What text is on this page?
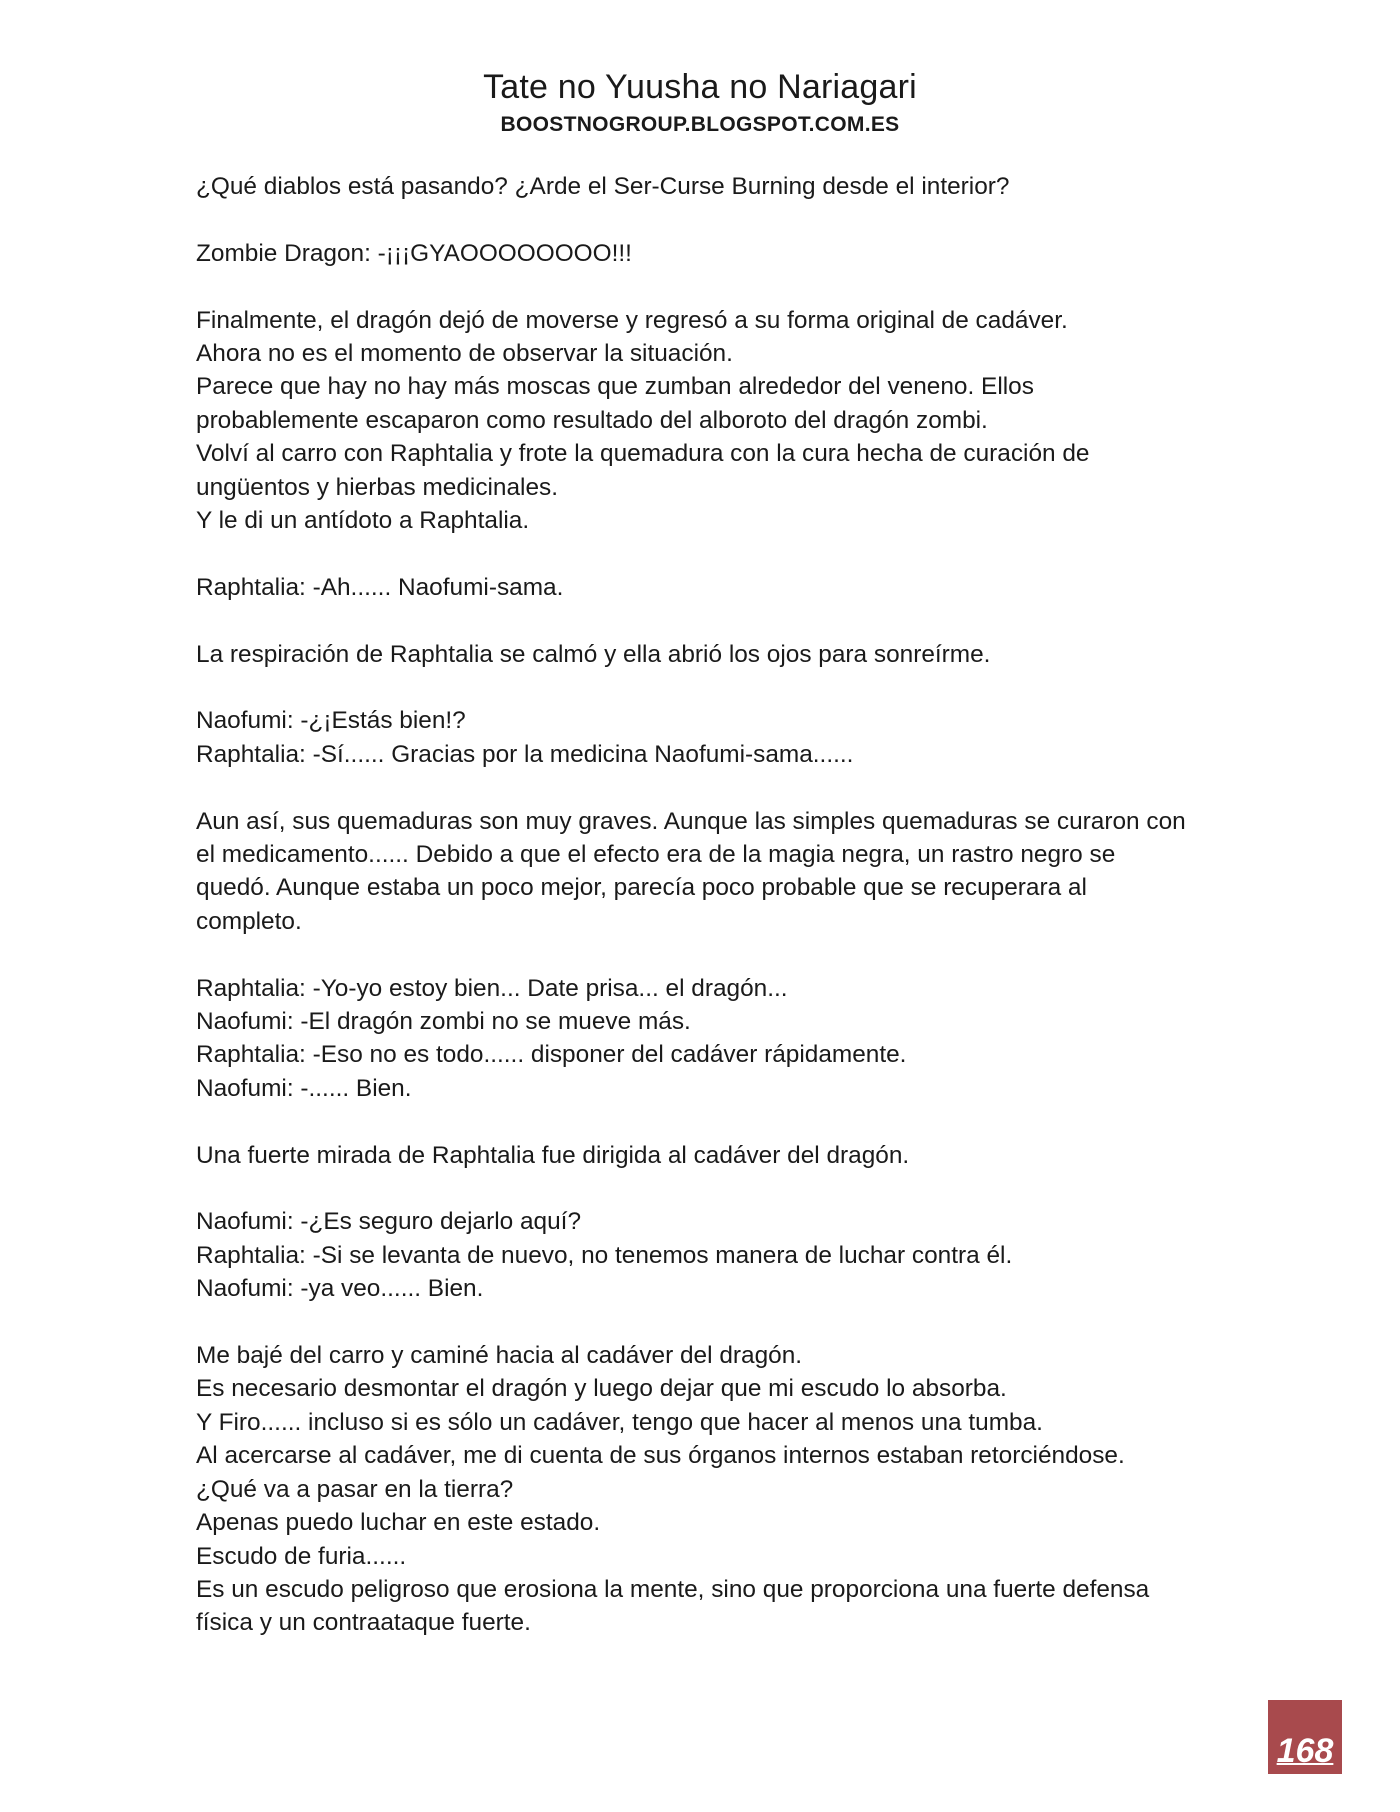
Tate no Yuusha no Nariagari
BOOSTNOGROUP.BLOGSPOT.COM.ES
¿Qué diablos está pasando? ¿Arde el Ser-Curse Burning desde el interior?
Zombie Dragon: -¡¡¡GYAOOOOOOOO!!!
Finalmente, el dragón dejó de moverse y regresó a su forma original de cadáver.
Ahora no es el momento de observar la situación.
Parece que hay no hay más moscas que zumban alrededor del veneno. Ellos
probablemente escaparon como resultado del alboroto del dragón zombi.
Volví al carro con Raphtalia y frote la quemadura con la cura hecha de curación de
ungüentos y hierbas medicinales.
Y le di un antídoto a Raphtalia.
Raphtalia: -Ah...... Naofumi-sama.
La respiración de Raphtalia se calmó y ella abrió los ojos para sonreírme.
Naofumi: -¿¡Estás bien!?
Raphtalia: -Sí...... Gracias por la medicina Naofumi-sama......
Aun así, sus quemaduras son muy graves. Aunque las simples quemaduras se curaron con
el medicamento...... Debido a que el efecto era de la magia negra, un rastro negro se
quedó. Aunque estaba un poco mejor, parecía poco probable que se recuperara al
completo.
Raphtalia: -Yo-yo estoy bien... Date prisa... el dragón...
Naofumi: -El dragón zombi no se mueve más.
Raphtalia: -Eso no es todo...... disponer del cadáver rápidamente.
Naofumi: -...... Bien.
Una fuerte mirada de Raphtalia fue dirigida al cadáver del dragón.
Naofumi: -¿Es seguro dejarlo aquí?
Raphtalia: -Si se levanta de nuevo, no tenemos manera de luchar contra él.
Naofumi: -ya veo...... Bien.
Me bajé del carro y caminé hacia al cadáver del dragón.
Es necesario desmontar el dragón y luego dejar que mi escudo lo absorba.
Y Firo...... incluso si es sólo un cadáver, tengo que hacer al menos una tumba.
Al acercarse al cadáver, me di cuenta de sus órganos internos estaban retorciéndose.
¿Qué va a pasar en la tierra?
Apenas puedo luchar en este estado.
Escudo de furia......
Es un escudo peligroso que erosiona la mente, sino que proporciona una fuerte defensa
física y un contraataque fuerte.
168
